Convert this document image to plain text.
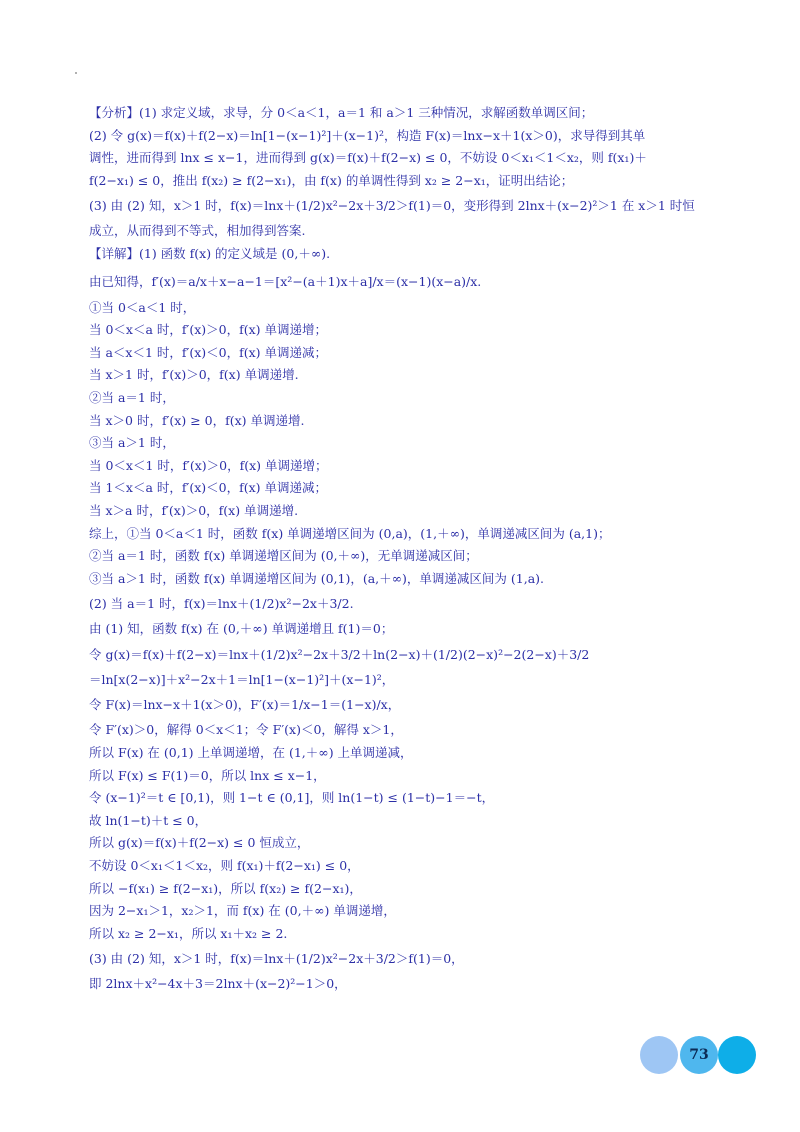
【分析】(1) 求定义域，求导，分 0＜a＜1，a＝1 和 a＞1 三种情况，求解函数单调区间；
(2) 令 g(x)＝f(x)＋f(2−x)＝ln[1−(x−1)²]＋(x−1)²，构造 F(x)＝lnx−x＋1(x＞0)，求导得到其单
调性，进而得到 lnx ≤ x−1，进而得到 g(x)＝f(x)＋f(2−x) ≤ 0，不妨设 0＜x₁＜1＜x₂，则 f(x₁)＋
f(2−x₁) ≤ 0，推出 f(x₂) ≥ f(2−x₁)，由 f(x) 的单调性得到 x₂ ≥ 2−x₁，证明出结论；
(3) 由 (2) 知，x＞1 时，f(x)＝lnx＋(1/2)x²−2x＋3/2＞f(1)＝0，变形得到 2lnx＋(x−2)²＞1 在 x＞1 时恒
成立，从而得到不等式，相加得到答案.
【详解】(1) 函数 f(x) 的定义域是 (0,＋∞).
由已知得，f′(x)＝a/x＋x−a−1＝[x²−(a＋1)x＋a]/x＝(x−1)(x−a)/x.
①当 0＜a＜1 时，
当 0＜x＜a 时，f′(x)＞0，f(x) 单调递增；
当 a＜x＜1 时，f′(x)＜0，f(x) 单调递减；
当 x＞1 时，f′(x)＞0，f(x) 单调递增.
②当 a＝1 时，
当 x＞0 时，f′(x) ≥ 0，f(x) 单调递增.
③当 a＞1 时，
当 0＜x＜1 时，f′(x)＞0，f(x) 单调递增；
当 1＜x＜a 时，f′(x)＜0，f(x) 单调递减；
当 x＞a 时，f′(x)＞0，f(x) 单调递增.
综上，①当 0＜a＜1 时，函数 f(x) 单调递增区间为 (0,a)，(1,＋∞)，单调递减区间为 (a,1)；
②当 a＝1 时，函数 f(x) 单调递增区间为 (0,＋∞)，无单调递减区间；
③当 a＞1 时，函数 f(x) 单调递增区间为 (0,1)，(a,＋∞)，单调递减区间为 (1,a).
(2) 当 a＝1 时，f(x)＝lnx＋(1/2)x²−2x＋3/2.
由 (1) 知，函数 f(x) 在 (0,＋∞) 单调递增且 f(1)＝0；
令 g(x)＝f(x)＋f(2−x)＝lnx＋(1/2)x²−2x＋3/2＋ln(2−x)＋(1/2)(2−x)²−2(2−x)＋3/2
＝ln[x(2−x)]＋x²−2x＋1＝ln[1−(x−1)²]＋(x−1)²，
令 F(x)＝lnx−x＋1(x＞0)，F′(x)＝1/x−1＝(1−x)/x，
令 F′(x)＞0，解得 0＜x＜1；令 F′(x)＜0，解得 x＞1，
所以 F(x) 在 (0,1) 上单调递增，在 (1,＋∞) 上单调递减，
所以 F(x) ≤ F(1)＝0，所以 lnx ≤ x−1，
令 (x−1)²＝t ∈ [0,1)，则 1−t ∈ (0,1]，则 ln(1−t) ≤ (1−t)−1＝−t，
故 ln(1−t)＋t ≤ 0，
所以 g(x)＝f(x)＋f(2−x) ≤ 0 恒成立，
不妨设 0＜x₁＜1＜x₂，则 f(x₁)＋f(2−x₁) ≤ 0，
所以 −f(x₁) ≥ f(2−x₁)，所以 f(x₂) ≥ f(2−x₁)，
因为 2−x₁＞1，x₂＞1，而 f(x) 在 (0,＋∞) 单调递增，
所以 x₂ ≥ 2−x₁，所以 x₁＋x₂ ≥ 2.
(3) 由 (2) 知，x＞1 时，f(x)＝lnx＋(1/2)x²−2x＋3/2＞f(1)＝0，
即 2lnx＋x²−4x＋3＝2lnx＋(x−2)²−1＞0，
73
